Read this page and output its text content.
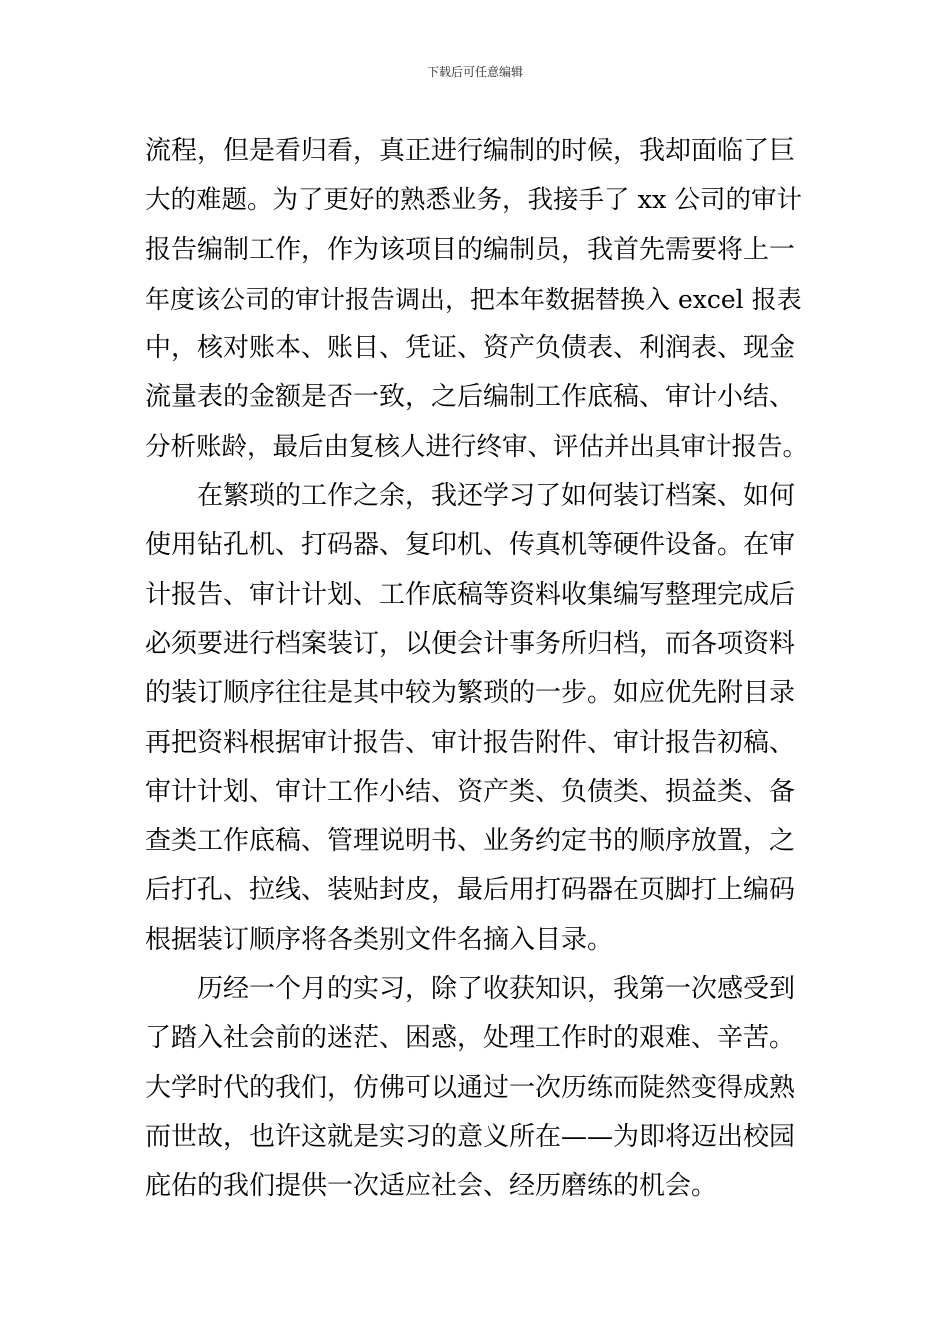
下载后可任意编辑
流程，但是看归看，真正进行编制的时候，我却面临了巨
大的难题。为了更好的熟悉业务，我接手了 xx 公司的审计
报告编制工作，作为该项目的编制员，我首先需要将上一
年度该公司的审计报告调出，把本年数据替换入 excel 报表
中，核对账本、账目、凭证、资产负债表、利润表、现金
流量表的金额是否一致，之后编制工作底稿、审计小结、
分析账龄，最后由复核人进行终审、评估并出具审计报告。
在繁琐的工作之余，我还学习了如何装订档案、如何
使用钻孔机、打码器、复印机、传真机等硬件设备。在审
计报告、审计计划、工作底稿等资料收集编写整理完成后
必须要进行档案装订，以便会计事务所归档，而各项资料
的装订顺序往往是其中较为繁琐的一步。如应优先附目录
再把资料根据审计报告、审计报告附件、审计报告初稿、
审计计划、审计工作小结、资产类、负债类、损益类、备
查类工作底稿、管理说明书、业务约定书的顺序放置，之
后打孔、拉线、装贴封皮，最后用打码器在页脚打上编码
根据装订顺序将各类别文件名摘入目录。
历经一个月的实习，除了收获知识，我第一次感受到
了踏入社会前的迷茫、困惑，处理工作时的艰难、辛苦。
大学时代的我们，仿佛可以通过一次历练而陡然变得成熟
而世故，也许这就是实习的意义所在——为即将迈出校园
庇佑的我们提供一次适应社会、经历磨练的机会。
